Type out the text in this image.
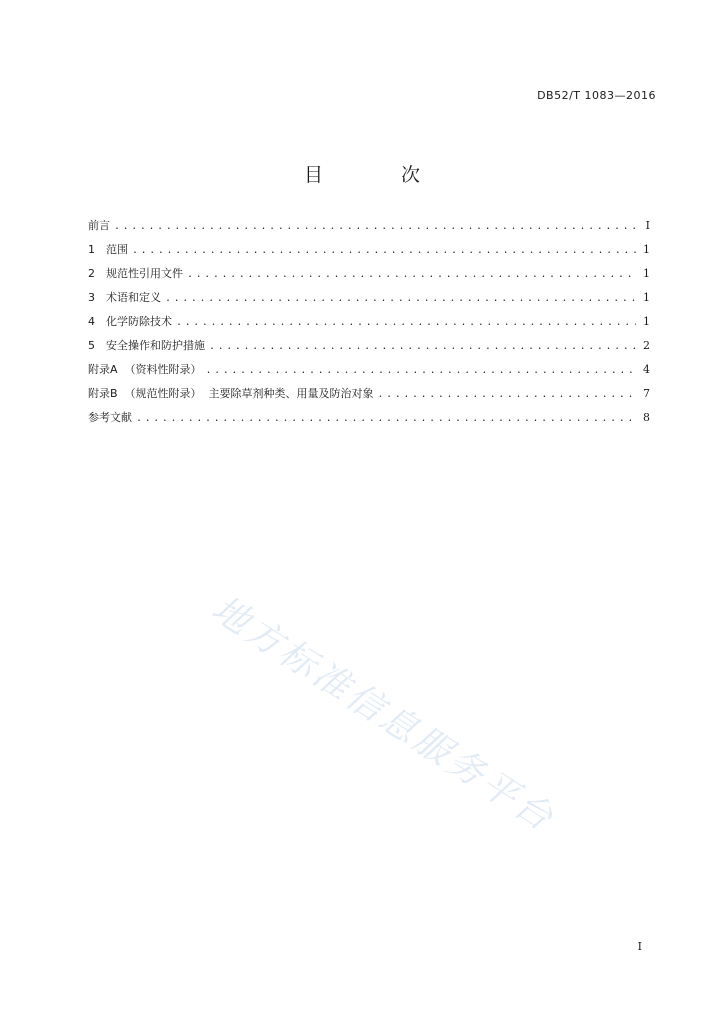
DB52/T 1083—2016
目 次
前言 .....	I
1	范围 .....	1
2	规范性引用文件 .....	1
3	术语和定义 .....	1
4	化学防除技术 .....	1
5	安全操作和防护措施 .....	2
附录A  （资料性附录） .....	4
附录B  （规范性附录）  主要除草剂种类、用量及防治对象 .....	7
参考文献 .....	8
地方标准信息服务平台
I
